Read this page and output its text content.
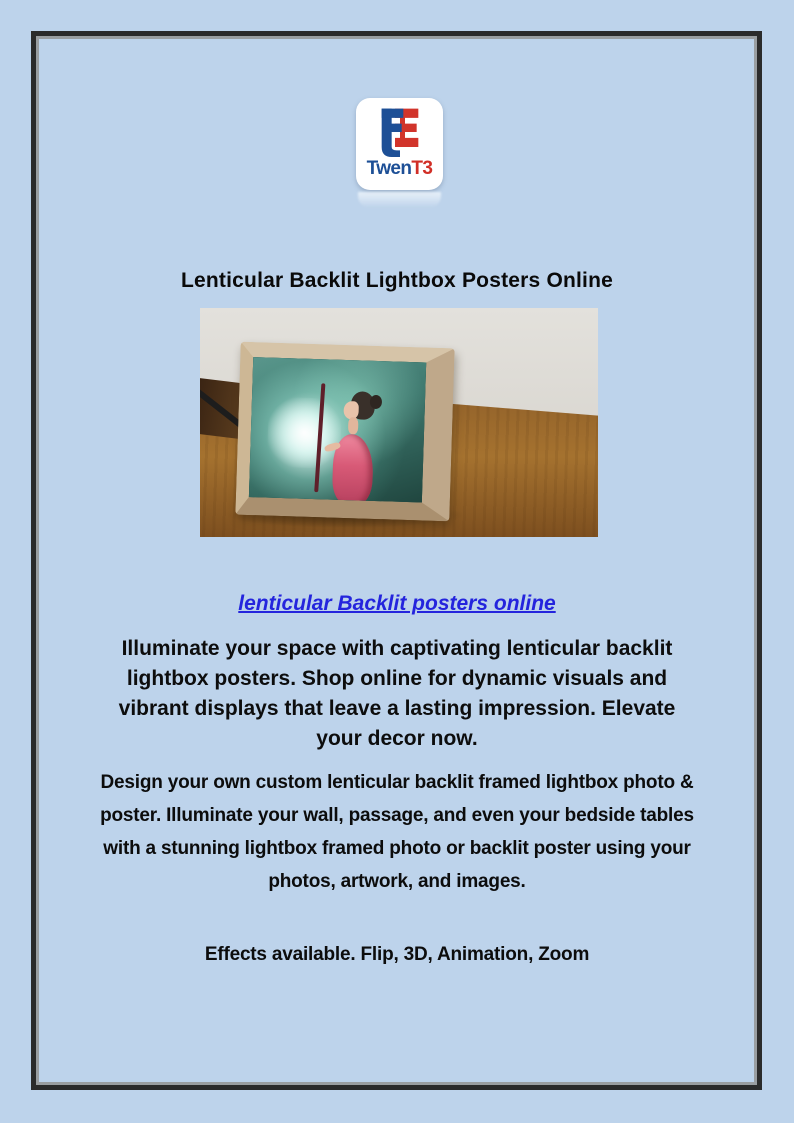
TwenT3
Lenticular Backlit Lightbox Posters Online
lenticular Backlit posters online

Illuminate your space with captivating lenticular backlit lightbox posters. Shop online for dynamic visuals and vibrant displays that leave a lasting impression. Elevate your decor now.

Design your own custom lenticular backlit framed lightbox photo & poster. Illuminate your wall, passage, and even your bedside tables with a stunning lightbox framed photo or backlit poster using your photos, artwork, and images.

Effects available. Flip, 3D, Animation, Zoom
